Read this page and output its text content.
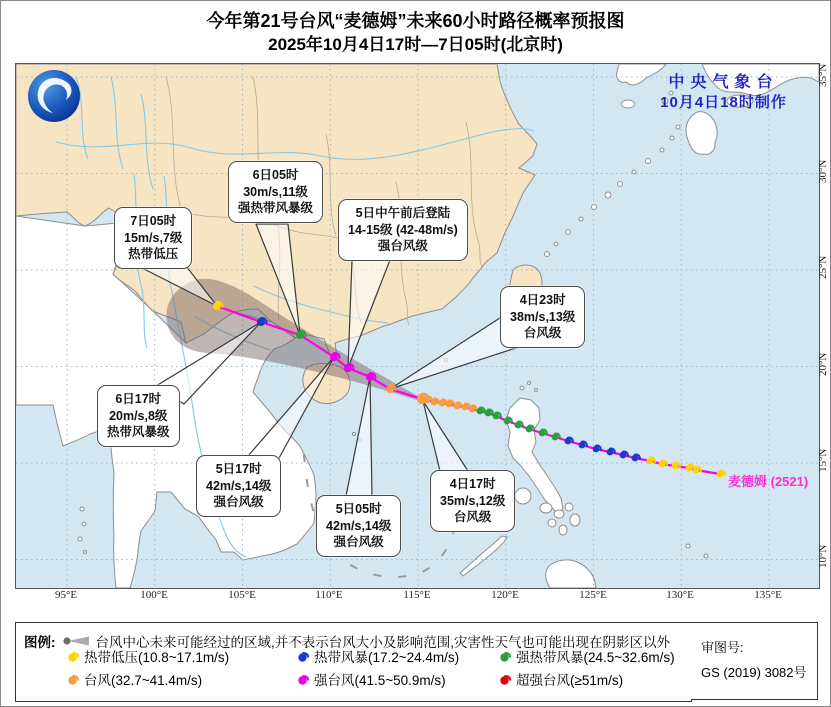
今年第21号台风“麦德姆”未来60小时路径概率预报图
2025年10月4日17时—7日05时(北京时)
中央气象台
10月4日18时制作
7日05时
15m/s,7级
热带低压
6日05时
30m/s,11级
强热带风暴级	5日中午前后登陆
14-15级 (42-48m/s)
强台风级
4日23时
38m/s,13级
台风级
6日17时
20m/s,8级
热带风暴级
5日17时
42m/s,14级
强台风级	5日05时
42m/s,14级
强台风级
4日17时
35m/s,12级
台风级
麦德姆 (2521)
95°E	100°E	105°E	110°E	115°E	120°E	125°E	130°E	135°E
35°N
30°N
25°N
20°N
15°N
10°N
图例:	台风中心未来可能经过的区域,并不表示台风大小及影响范围,灾害性天气也可能出现在阴影区以外
热带低压(10.8~17.1m/s)	热带风暴(17.2~24.4m/s)	强热带风暴(24.5~32.6m/s)
台风(32.7~41.4m/s)	强台风(41.5~50.9m/s)	超强台风(≥51m/s)
审图号:
GS (2019) 3082号
